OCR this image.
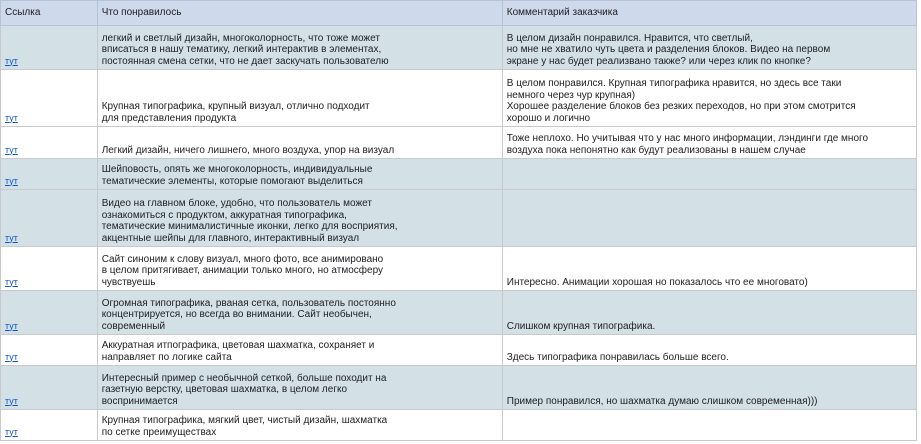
Ссылка	Что понравилось	Комментарий заказчика
тут	легкий и светлый дизайн, многоколорность, что тоже может
вписаться в нашу тематику, легкий интерактив в элементах,
постоянная смена сетки, что не дает заскучать пользователю	В целом дизайн понравился. Нравится, что светлый,
но мне не хватило чуть цвета и разделения блоков. Видео на первом
экране у нас будет реализвано также? или через клик по кнопке?
тут	Крупная типографика, крупный визуал, отлично подходит
для представления продукта	В целом понравился. Крупная типографика нравится, но здесь все таки
немного через чур крупная)
Хорошее разделение блоков без резких переходов, но при этом смотрится
хорошо и логично
тут	Легкий дизайн, ничего лишнего, много воздуха, упор на визуал	Тоже неплохо. Но учитывая что у нас много информации, лэндинги где много
воздуха пока непонятно как будут реализованы в нашем случае
тут	Шейповость, опять же многоколорность, индивидуальные
тематические элементы, которые помогают выделиться	
тут	Видео на главном блоке, удобно, что пользователь может
ознакомиться с продуктом, аккуратная типографика,
тематические минималистичные иконки, легко для восприятия,
акцентные шейпы для главного, интерактивный визуал	
тут	Сайт синоним к слову визуал, много фото, все анимировано
в целом притягивает, анимации только много, но атмосферу
чувствуешь	Интересно. Анимации хорошая но показалось что ее многовато)
тут	Огромная типографика, рваная сетка, пользователь постоянно
концентрируется, но всегда во внимании. Сайт необычен,
современный	Слишком крупная типографика.
тут	Аккуратная итпографика, цветовая шахматка, сохраняет и
направляет по логике сайта	Здесь типографика понравилась больше всего.
тут	Интересный пример с необычной сеткой, больше походит на
газетную верстку, цветовая шахматка, в целом легко
воспринимается	Пример понравился, но шахматка думаю слишком современная)))
тут	Крупная типографика, мягкий цвет, чистый дизайн, шахматка
по сетке преимуществах	
